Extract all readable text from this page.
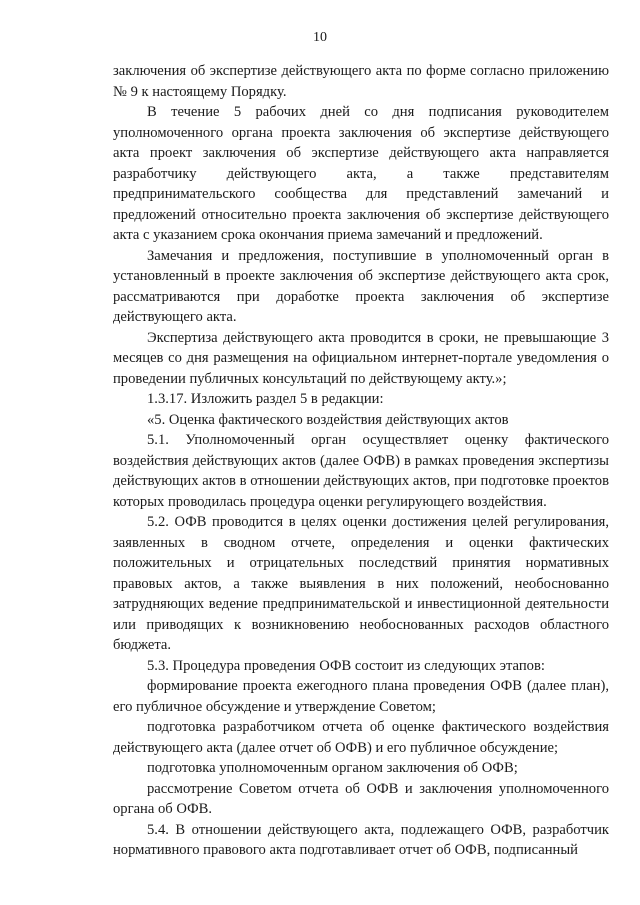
10

заключения об экспертизе действующего акта по форме согласно приложению № 9 к настоящему Порядку.

В течение 5 рабочих дней со дня подписания руководителем уполномоченного органа проекта заключения об экспертизе действующего акта проект заключения об экспертизе действующего акта направляется разработчику действующего акта, а также представителям предпринимательского сообщества для представлений замечаний и предложений относительно проекта заключения об экспертизе действующего акта с указанием срока окончания приема замечаний и предложений.

Замечания и предложения, поступившие в уполномоченный орган в установленный в проекте заключения об экспертизе действующего акта срок, рассматриваются при доработке проекта заключения об экспертизе действующего акта.

Экспертиза действующего акта проводится в сроки, не превышающие 3 месяцев со дня размещения на официальном интернет-портале уведомления о проведении публичных консультаций по действующему акту.»;

1.3.17. Изложить раздел 5 в редакции:

«5. Оценка фактического воздействия действующих актов

5.1. Уполномоченный орган осуществляет оценку фактического воздействия действующих актов (далее ОФВ) в рамках проведения экспертизы действующих актов в отношении действующих актов, при подготовке проектов которых проводилась процедура оценки регулирующего воздействия.

5.2. ОФВ проводится в целях оценки достижения целей регулирования, заявленных в сводном отчете, определения и оценки фактических положительных и отрицательных последствий принятия нормативных правовых актов, а также выявления в них положений, необоснованно затрудняющих ведение предпринимательской и инвестиционной деятельности или приводящих к возникновению необоснованных расходов областного бюджета.

5.3. Процедура проведения ОФВ состоит из следующих этапов:

формирование проекта ежегодного плана проведения ОФВ (далее план), его публичное обсуждение и утверждение Советом;

подготовка разработчиком отчета об оценке фактического воздействия действующего акта (далее отчет об ОФВ) и его публичное обсуждение;

подготовка уполномоченным органом заключения об ОФВ;

рассмотрение Советом отчета об ОФВ и заключения уполномоченного органа об ОФВ.

5.4. В отношении действующего акта, подлежащего ОФВ, разработчик нормативного правового акта подготавливает отчет об ОФВ, подписанный
